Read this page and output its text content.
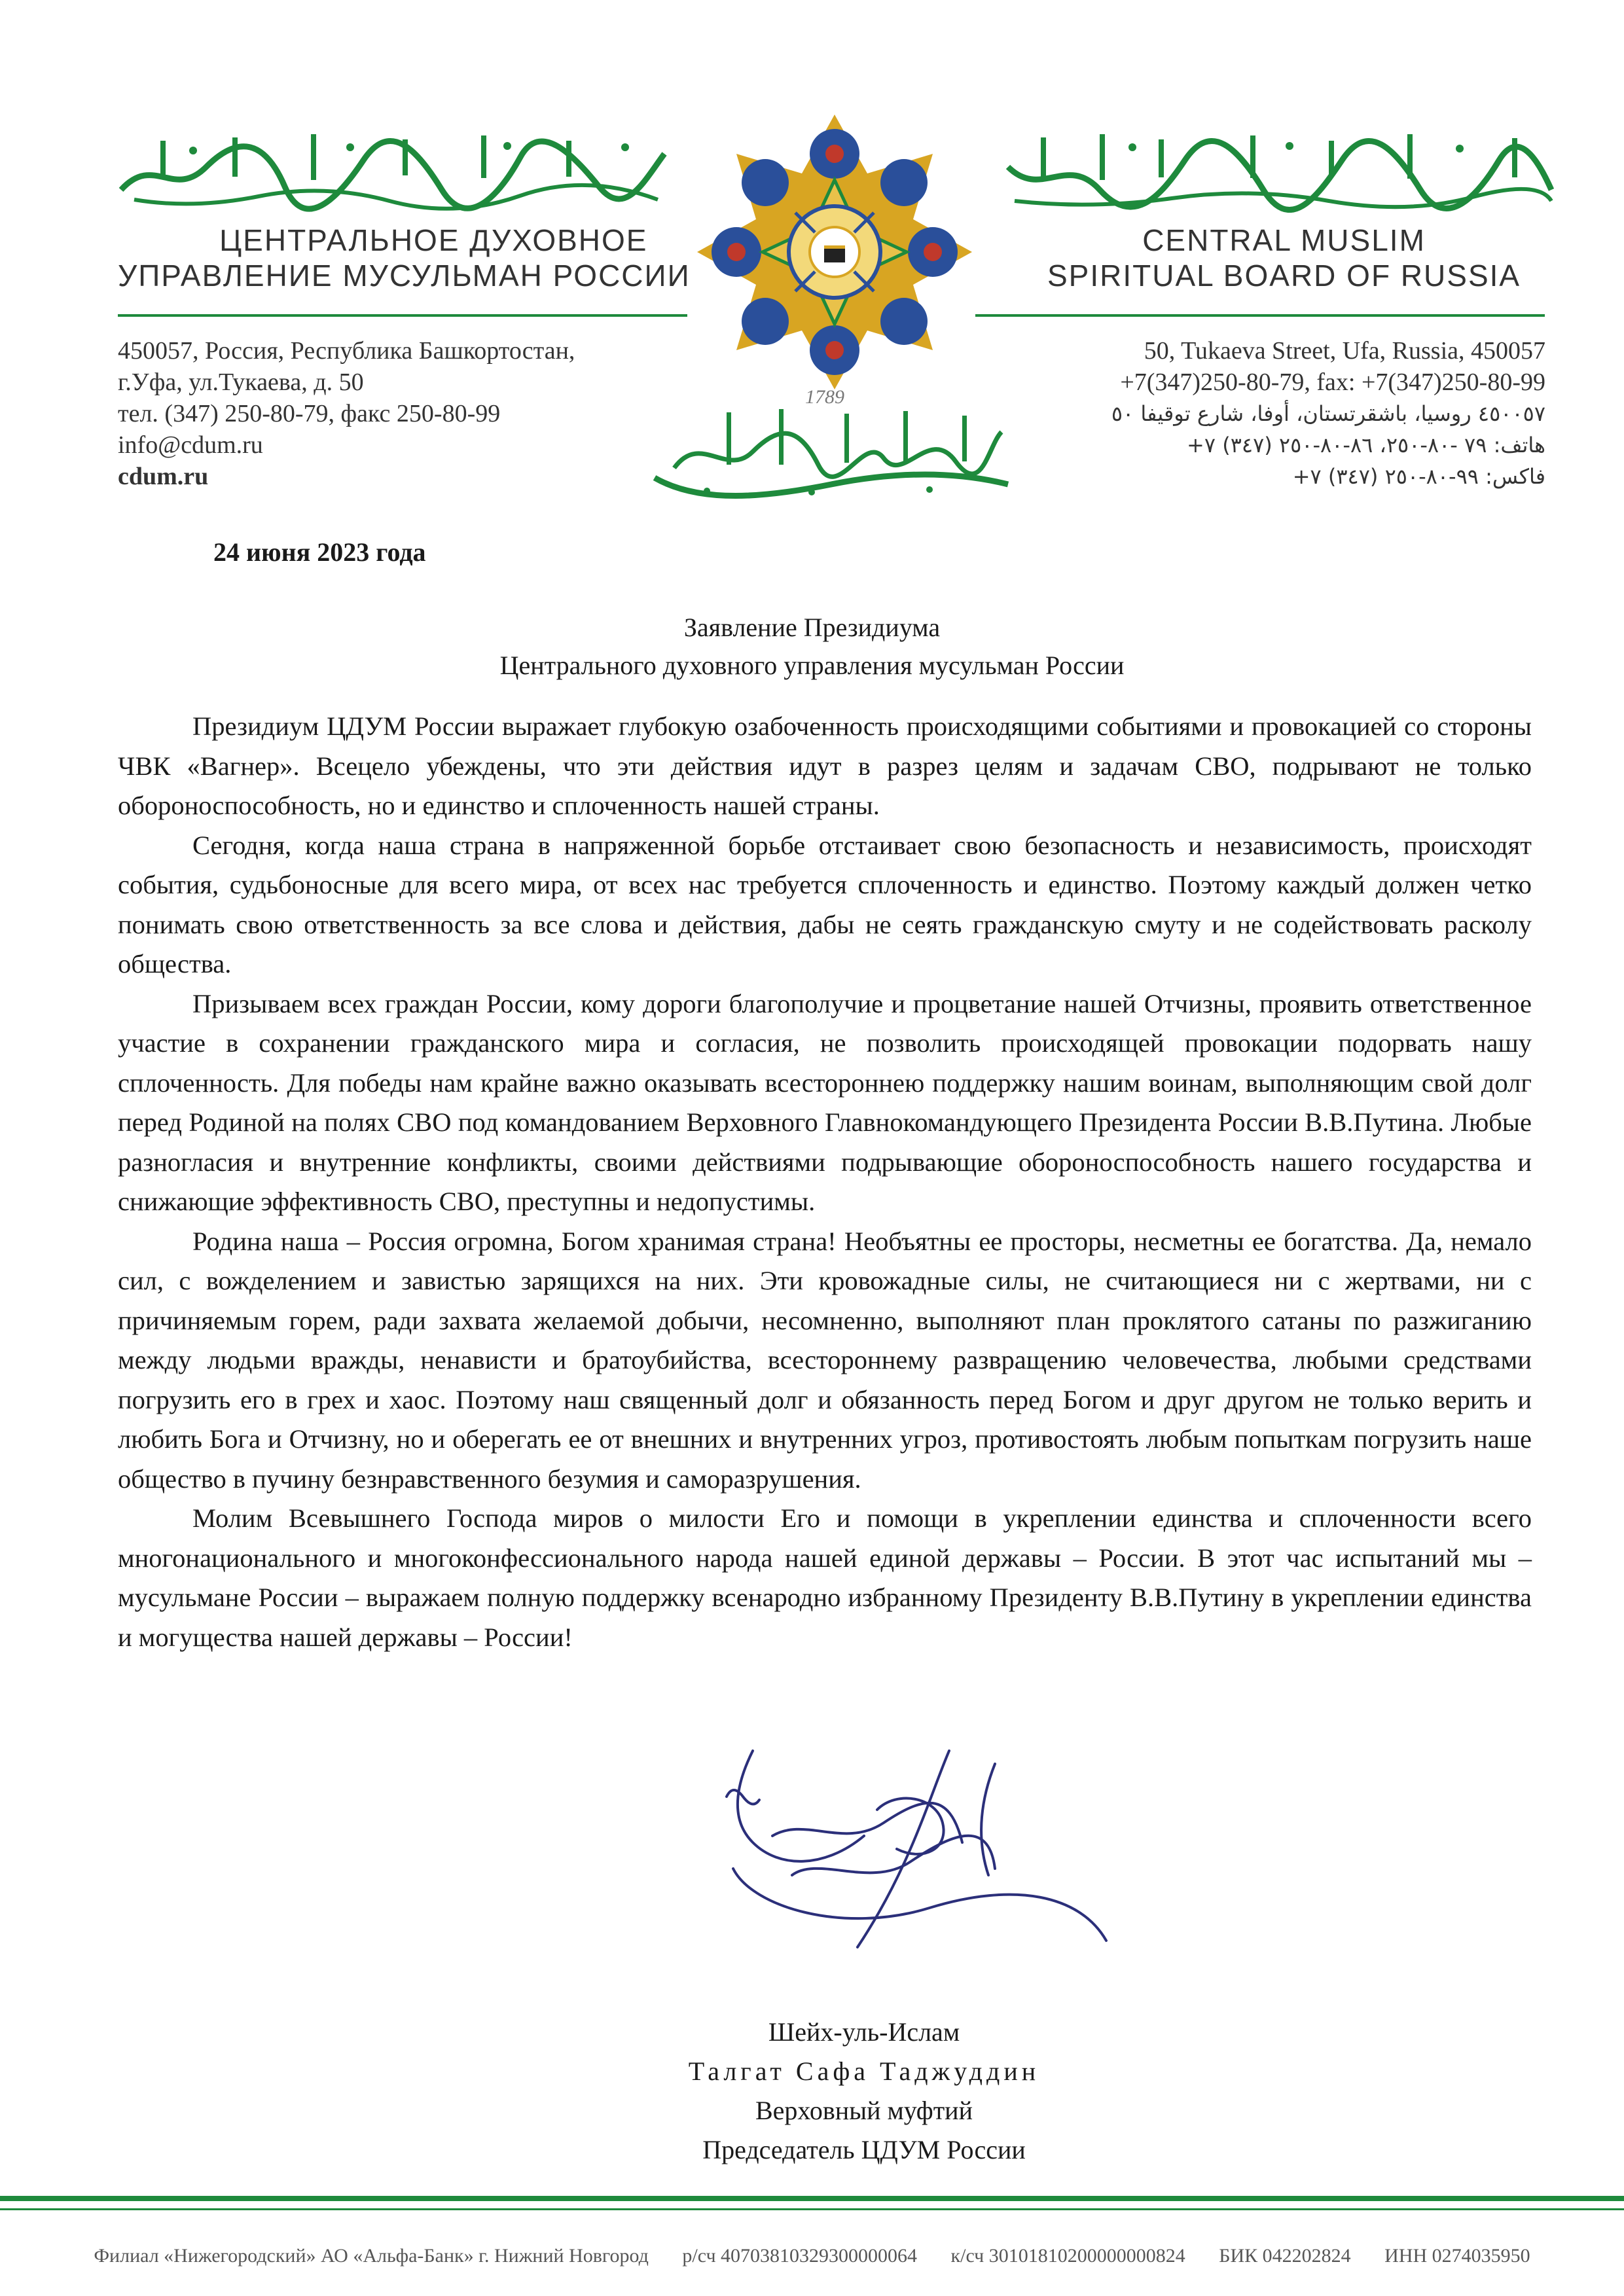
ЦЕНТРАЛЬНОЕ ДУХОВНОЕ
УПРАВЛЕНИЕ МУСУЛЬМАН РОССИИ
450057, Россия, Республика Башкортостан,
г.Уфа, ул.Тукаева, д. 50
тел. (347) 250-80-79, факс 250-80-99
info@cdum.ru
cdum.ru
1789
CENTRAL MUSLIM
SPIRITUAL BOARD OF RUSSIA
50, Tukaeva Street, Ufa, Russia, 450057
+7(347)250-80-79, fax: +7(347)250-80-99
٤٥٠٠٥٧ روسيا، باشقرتستان، أوفا، شارع توقيفا ٥٠
هاتف: ٧٩ -٨٠-٢٥٠، ٨٦-٨٠-٢٥٠ (٣٤٧) ٧+
فاكس: ٩٩-٨٠-٢٥٠ (٣٤٧) ٧+
24 июня 2023 года
Заявление Президиума
Центрального духовного управления мусульман России

Президиум ЦДУМ России выражает глубокую озабоченность происходящими событиями и провокацией со стороны ЧВК «Вагнер». Всецело убеждены, что эти действия идут в разрез целям и задачам СВО, подрывают не только обороноспособность, но и единство и сплоченность нашей страны.

Сегодня, когда наша страна в напряженной борьбе отстаивает свою безопасность и независимость, происходят события, судьбоносные для всего мира, от всех нас требуется сплоченность и единство. Поэтому каждый должен четко понимать свою ответственность за все слова и действия, дабы не сеять гражданскую смуту и не содействовать расколу общества.

Призываем всех граждан России, кому дороги благополучие и процветание нашей Отчизны, проявить ответственное участие в сохранении гражданского мира и согласия, не позволить происходящей провокации подорвать нашу сплоченность. Для победы нам крайне важно оказывать всестороннею поддержку нашим воинам, выполняющим свой долг перед Родиной на полях СВО под командованием Верховного Главнокомандующего Президента России В.В.Путина. Любые разногласия и внутренние конфликты, своими действиями подрывающие обороноспособность нашего государства и снижающие эффективность СВО, преступны и недопустимы.

Родина наша – Россия огромна, Богом хранимая страна! Необъятны ее просторы, несметны ее богатства. Да, немало сил, с вожделением и завистью зарящихся на них. Эти кровожадные силы, не считающиеся ни с жертвами, ни с причиняемым горем, ради захвата желаемой добычи, несомненно, выполняют план проклятого сатаны по разжиганию между людьми вражды, ненависти и братоубийства, всестороннему развращению человечества, любыми средствами погрузить его в грех и хаос. Поэтому наш священный долг и обязанность перед Богом и друг другом не только верить и любить Бога и Отчизну, но и оберегать ее от внешних и внутренних угроз, противостоять любым попыткам погрузить наше общество в пучину безнравственного безумия и саморазрушения.

Молим Всевышнего Господа миров о милости Его и помощи в укреплении единства и сплоченности всего многонационального и многоконфессионального народа нашей единой державы – России. В этот час испытаний мы – мусульмане России – выражаем полную поддержку всенародно избранному Президенту В.В.Путину в укреплении единства и могущества нашей державы – России!

Шейх-уль-Ислам
Талгат Сафа Таджуддин
Верховный муфтий
Председатель ЦДУМ России
Филиал «Нижегородский» АО «Альфа-Банк» г. Нижний Новгород р/сч 40703810329300000064 к/сч 30101810200000000824 БИК 042202824 ИНН 0274035950
